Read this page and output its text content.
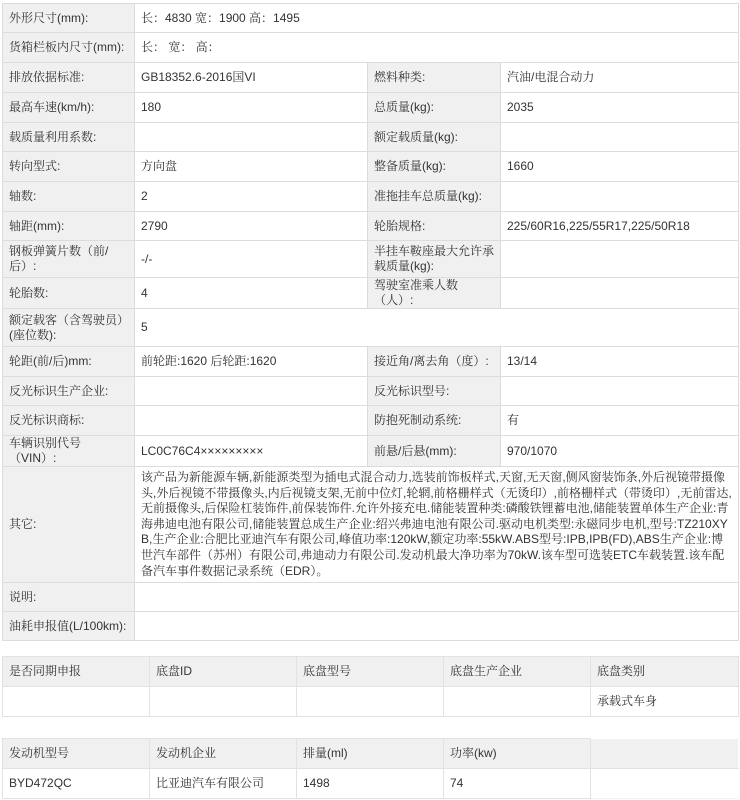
外形尺寸(mm):	长：4830 宽：1900 高：1495		
货箱栏板内尺寸(mm):	长： 宽： 高：		
排放依据标准:	GB18352.6-2016国VI	燃料种类:	汽油/电混合动力
最高车速(km/h):	180	总质量(kg):	2035
载质量利用系数:		额定载质量(kg):	
转向型式:	方向盘	整备质量(kg):	1660
轴数:	2	准拖挂车总质量(kg):	
轴距(mm):	2790	轮胎规格:	225/60R16,225/55R17,225/50R18
钢板弹簧片数（前/后）:	-/-	半挂车鞍座最大允许承载质量(kg):	
轮胎数:	4	驾驶室准乘人数（人）:	
额定载客（含驾驶员）(座位数):	5		
轮距(前/后)mm:	前轮距:1620 后轮距:1620	接近角/离去角（度）:	13/14
反光标识生产企业:		反光标识型号:	
反光标识商标:		防抱死制动系统:	有
车辆识别代号（VIN）:	LC0C76C4×××××××××	前悬/后悬(mm):	970/1070
其它:	该产品为新能源车辆,新能源类型为插电式混合动力,选装前饰板样式,天窗,无天窗,侧风窗装饰条,外后视镜带摄像头,外后视镜不带摄像头,内后视镜支架,无前中位灯,轮辋,前格栅样式（无烫印）,前格栅样式（带烫印）,无前雷达,无前摄像头,后保险杠装饰件,前保装饰件.允许外接充电.储能装置种类:磷酸铁锂蓄电池,储能装置单体生产企业:青海弗迪电池有限公司,储能装置总成生产企业:绍兴弗迪电池有限公司.驱动电机类型:永磁同步电机,型号:TZ210XYB,生产企业:合肥比亚迪汽车有限公司,峰值功率:120kW,额定功率:55kW.ABS型号:IPB,IPB(FD),ABS生产企业:博世汽车部件（苏州）有限公司,弗迪动力有限公司.发动机最大净功率为70kW.该车型可选装ETC车载装置.该车配备汽车事件数据记录系统（EDR）。		
说明:			
油耗申报值(L/100km):			
是否同期申报	底盘ID	底盘型号	底盘生产企业	底盘类别
				承载式车身
发动机型号	发动机企业	排量(ml)	功率(kw)	
BYD472QC	比亚迪汽车有限公司	1498	74	
